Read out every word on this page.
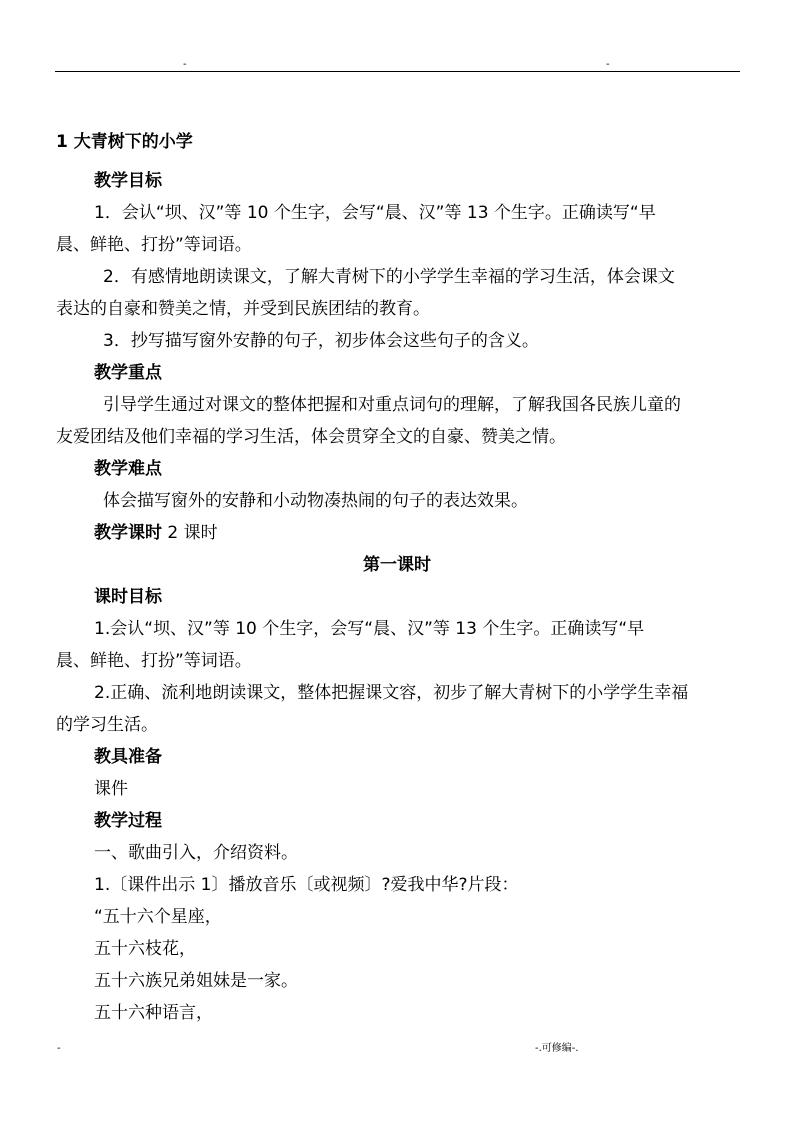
-	-
1 大青树下的小学
教学目标
1．会认“坝、汉”等 10 个生字，会写“晨、汉”等 13 个生字。正确读写“早
晨、鲜艳、打扮”等词语。
2．有感情地朗读课文，了解大青树下的小学学生幸福的学习生活，体会课文
表达的自豪和赞美之情，并受到民族团结的教育。
3．抄写描写窗外安静的句子，初步体会这些句子的含义。
教学重点
引导学生通过对课文的整体把握和对重点词句的理解，了解我国各民族儿童的
友爱团结及他们幸福的学习生活，体会贯穿全文的自豪、赞美之情。
教学难点
体会描写窗外的安静和小动物凑热闹的句子的表达效果。
教学课时 2 课时
第一课时
课时目标
1.会认“坝、汉”等 10 个生字，会写“晨、汉”等 13 个生字。正确读写“早
晨、鲜艳、打扮”等词语。
2.正确、流利地朗读课文，整体把握课文容，初步了解大青树下的小学学生幸福
的学习生活。
教具准备
课件
教学过程
一、歌曲引入，介绍资料。
1.〔课件出示 1〕播放音乐〔或视频〕?爱我中华?片段：
“五十六个星座，
五十六枝花，
五十六族兄弟姐妹是一家。
五十六种语言，
-	-.可修编-.
